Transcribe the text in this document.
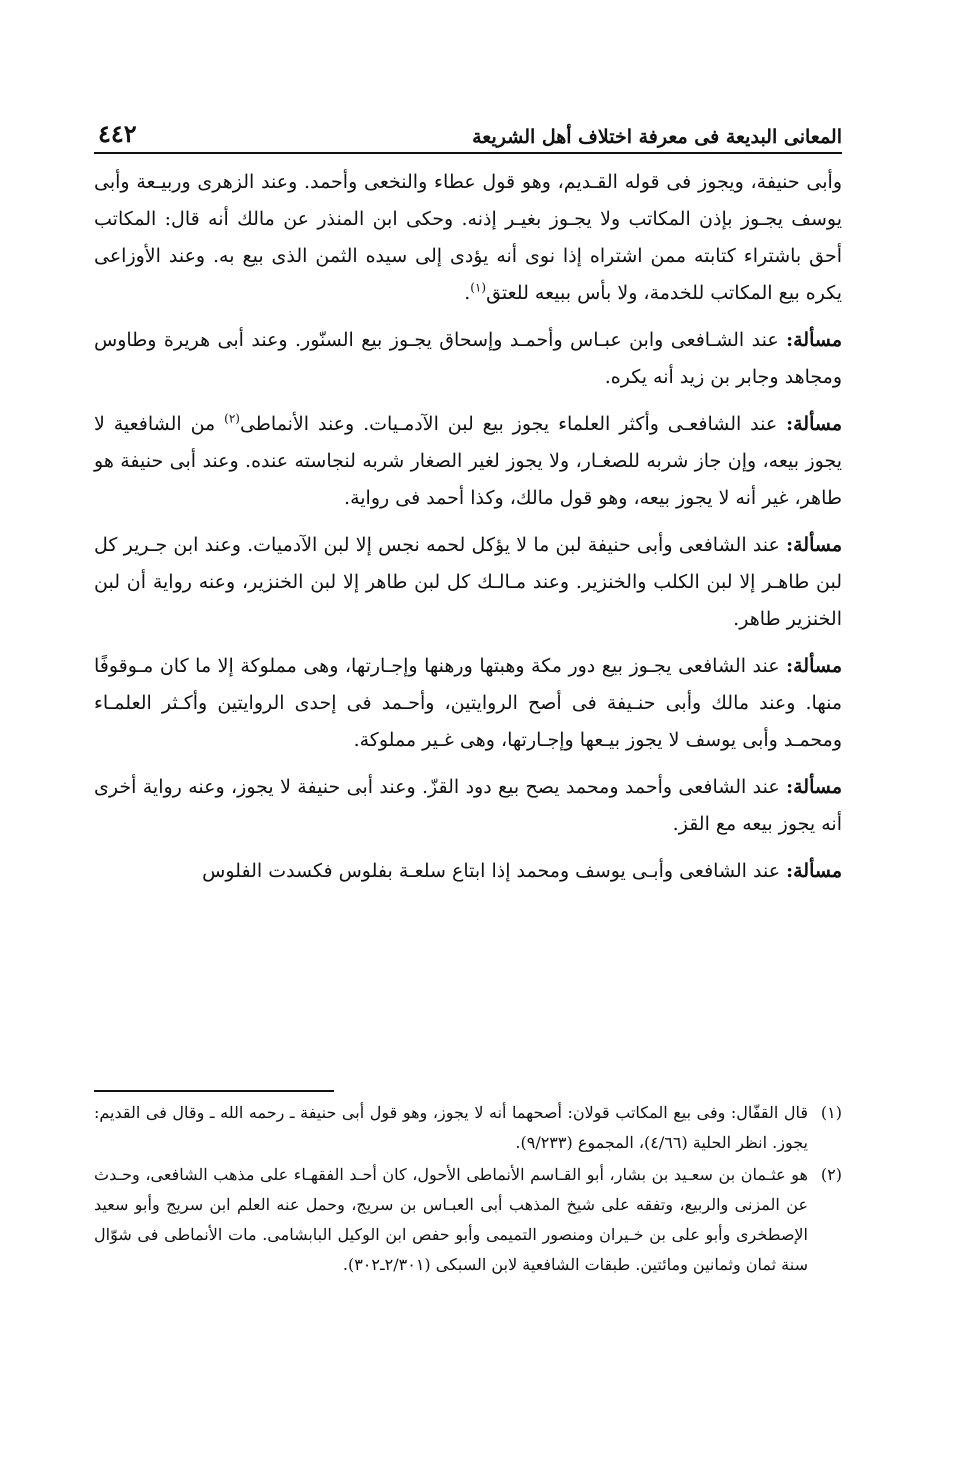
المعانى البديعة فى معرفة اختلاف أهل الشريعة
٤٤٢

وأبى حنيفة، ويجوز فى قوله القـديم، وهو قول عطاء والنخعى وأحمد. وعند الزهرى وربيـعة وأبى يوسف يجـوز بإذن المكاتب ولا يجـوز بغيـر إذنه. وحكى ابن المنذر عن مالك أنه قال: المكاتب أحق باشتراء كتابته ممن اشتراه إذا نوى أنه يؤدى إلى سيده الثمن الذى بيع به. وعند الأوزاعى يكره بيع المكاتب للخدمة، ولا بأس ببيعه للعتق$^{(١)}$.

مسألة: عند الشـافعى وابن عبـاس وأحمـد وإسحاق يجـوز بيع السنّور. وعند أبى هريرة وطاوس ومجاهد وجابر بن زيد أنه يكره.

مسألة: عند الشافعـى وأكثر العلماء يجوز بيع لبن الآدمـيات. وعند الأنماطى$^{(٢)}$ من الشافعية لا يجوز بيعه، وإن جاز شربه للصغـار، ولا يجوز لغير الصغار شربه لنجاسته عنده. وعند أبى حنيفة هو طاهر، غير أنه لا يجوز بيعه، وهو قول مالك، وكذا أحمد فى رواية.

مسألة: عند الشافعى وأبى حنيفة لبن ما لا يؤكل لحمه نجس إلا لبن الآدميات. وعند ابن جـرير كل لبن طاهـر إلا لبن الكلب والخنزير. وعند مـالـك كل لبن طاهر إلا لبن الخنزير، وعنه رواية أن لبن الخنزير طاهر.

مسألة: عند الشافعى يجـوز بيع دور مكة وهبتها ورهنها وإجـارتها، وهى مملوكة إلا ما كان مـوقوفًا منها. وعند مالك وأبى حنـيفة فى أصح الروايتين، وأحـمد فى إحدى الروايتين وأكـثر العلمـاء ومحمـد وأبى يوسف لا يجوز بيـعها وإجـارتها، وهى غـير مملوكة.

مسألة: عند الشافعى وأحمد ومحمد يصح بيع دود القزّ. وعند أبى حنيفة لا يجوز، وعنه رواية أخرى أنه يجوز بيعه مع القز.

مسألة: عند الشافعى وأبـى يوسف ومحمد إذا ابتاع سلعـة بفلوس فكسدت الفلوس

(١)
قال القفّال: وفى بيع المكاتب قولان: أصحهما أنه لا يجوز، وهو قول أبى حنيفة ـ رحمه الله ـ وقال فى القديم: يجوز. انظر الحلية (٤/٦٦)، المجموع (٩/٢٣٣).
(٢)
هو عثـمان بن سعـيد بن بشار، أبو القـاسم الأنماطى الأحول، كان أحـد الفقهـاء على مذهب الشافعى، وحـدث عن المزنى والربيع، وتفقه على شيخ المذهب أبى العبـاس بن سريج، وحمل عنه العلم ابن سريج وأبو سعيد الإصطخرى وأبو على بن خـيران ومنصور التميمى وأبو حفص ابن الوكيل البابشامى. مات الأنماطى فى شوّال سنة ثمان وثمانين ومائتين. طبقات الشافعية لابن السبكى (٢/٣٠١ـ٣٠٢).
